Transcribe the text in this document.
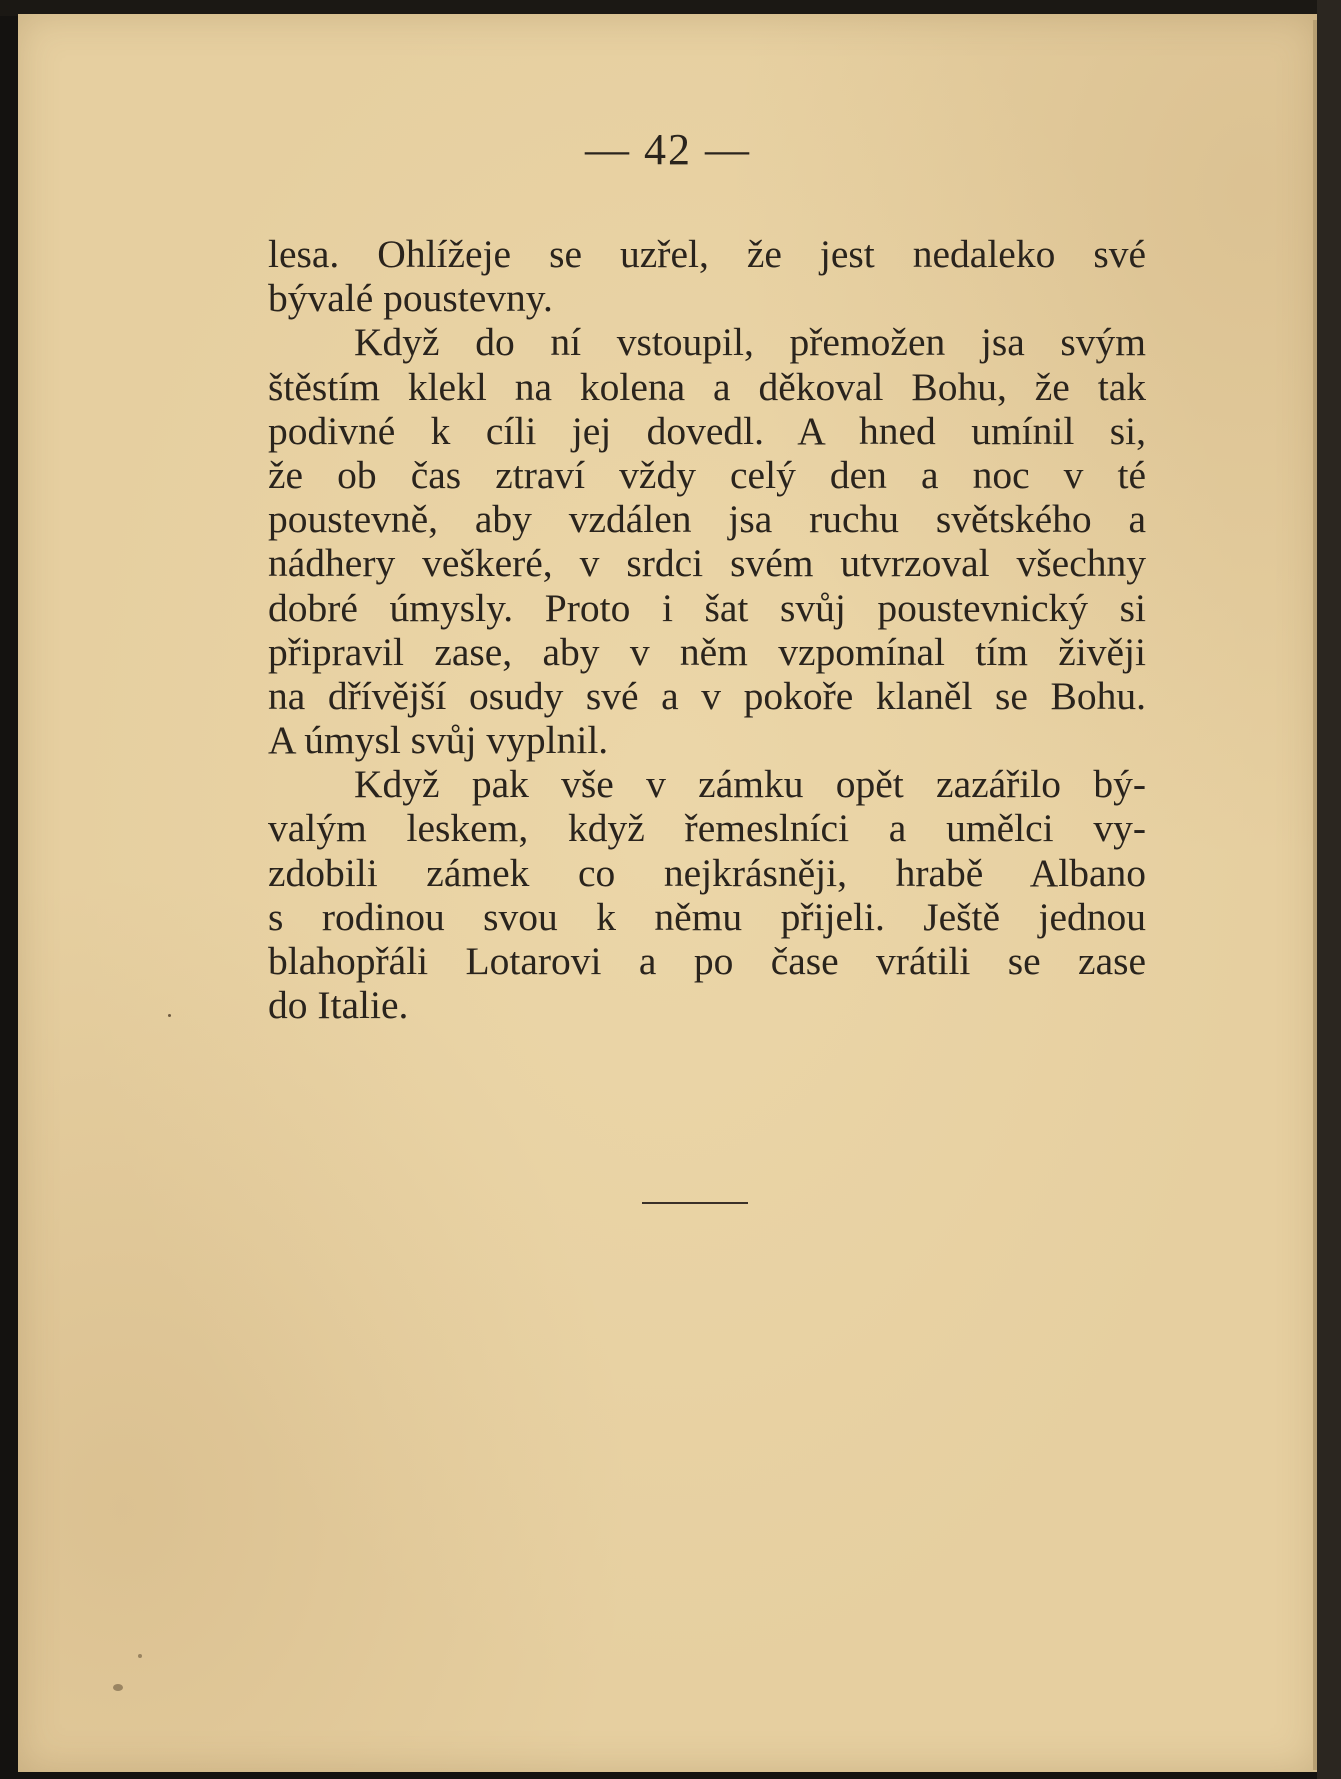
— 42 —
lesa. Ohlížeje se uzřel, že jest nedaleko své
bývalé poustevny.
Když do ní vstoupil, přemožen jsa svým
štěstím klekl na kolena a děkoval Bohu, že tak
podivné k cíli jej dovedl. A hned umínil si,
že ob čas ztraví vždy celý den a noc v té
poustevně, aby vzdálen jsa ruchu světského a
nádhery veškeré, v srdci svém utvrzoval všechny
dobré úmysly. Proto i šat svůj poustevnický si
připravil zase, aby v něm vzpomínal tím živěji
na dřívější osudy své a v pokoře klaněl se Bohu.
A úmysl svůj vyplnil.
Když pak vše v zámku opět zazářilo bý-
valým leskem, když řemeslníci a umělci vy-
zdobili zámek co nejkrásněji, hrabě Albano
s rodinou svou k němu přijeli. Ještě jednou
blahopřáli Lotarovi a po čase vrátili se zase
do Italie.
